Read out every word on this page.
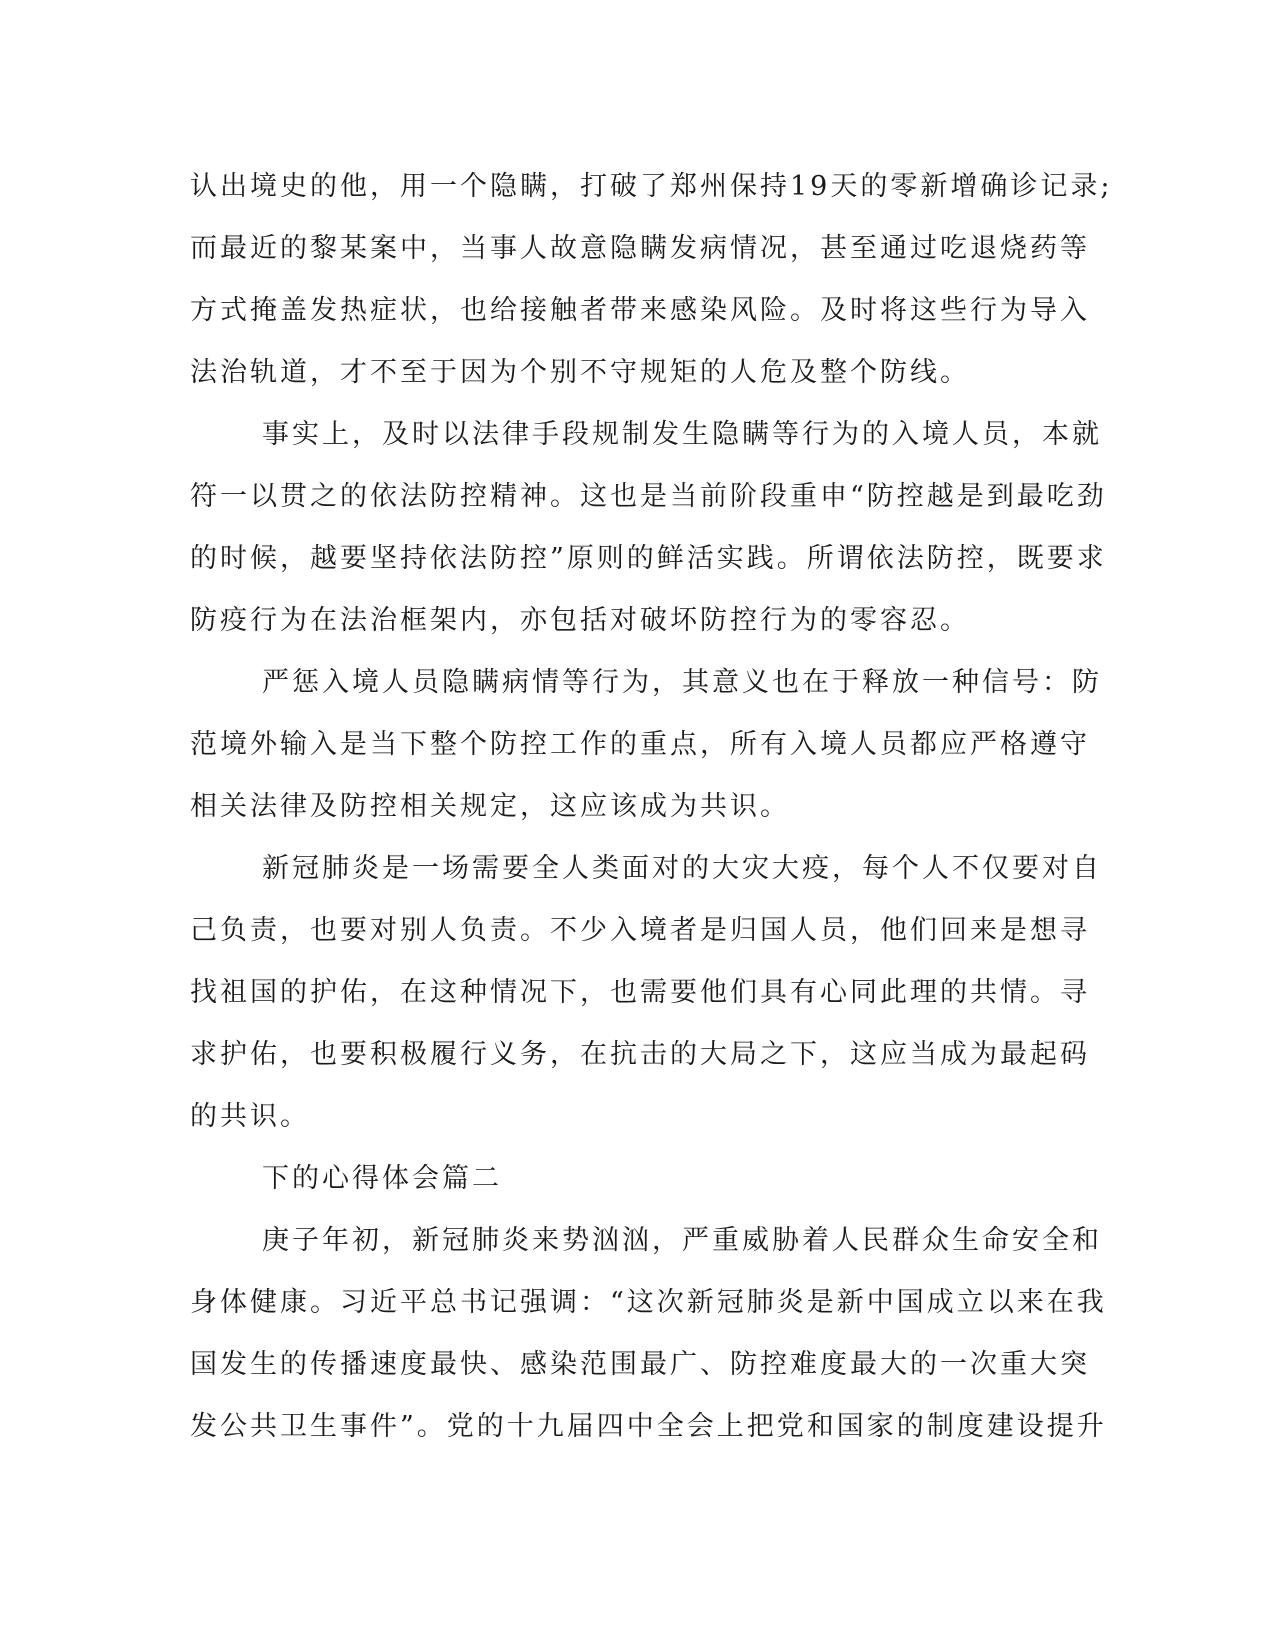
认出境史的他，用一个隐瞒，打破了郑州保持19天的零新增确诊记录;
而最近的黎某案中，当事人故意隐瞒发病情况，甚至通过吃退烧药等
方式掩盖发热症状，也给接触者带来感染风险。及时将这些行为导入
法治轨道，才不至于因为个别不守规矩的人危及整个防线。

事实上，及时以法律手段规制发生隐瞒等行为的入境人员，本就
符一以贯之的依法防控精神。这也是当前阶段重申“防控越是到最吃劲
的时候，越要坚持依法防控”原则的鲜活实践。所谓依法防控，既要求
防疫行为在法治框架内，亦包括对破坏防控行为的零容忍。

严惩入境人员隐瞒病情等行为，其意义也在于释放一种信号：防
范境外输入是当下整个防控工作的重点，所有入境人员都应严格遵守
相关法律及防控相关规定，这应该成为共识。

新冠肺炎是一场需要全人类面对的大灾大疫，每个人不仅要对自
己负责，也要对别人负责。不少入境者是归国人员，他们回来是想寻
找祖国的护佑，在这种情况下，也需要他们具有心同此理的共情。寻
求护佑，也要积极履行义务，在抗击的大局之下，这应当成为最起码
的共识。

下的心得体会篇二

庚子年初，新冠肺炎来势汹汹，严重威胁着人民群众生命安全和
身体健康。习近平总书记强调：“这次新冠肺炎是新中国成立以来在我
国发生的传播速度最快、感染范围最广、防控难度最大的一次重大突
发公共卫生事件”。党的十九届四中全会上把党和国家的制度建设提升
